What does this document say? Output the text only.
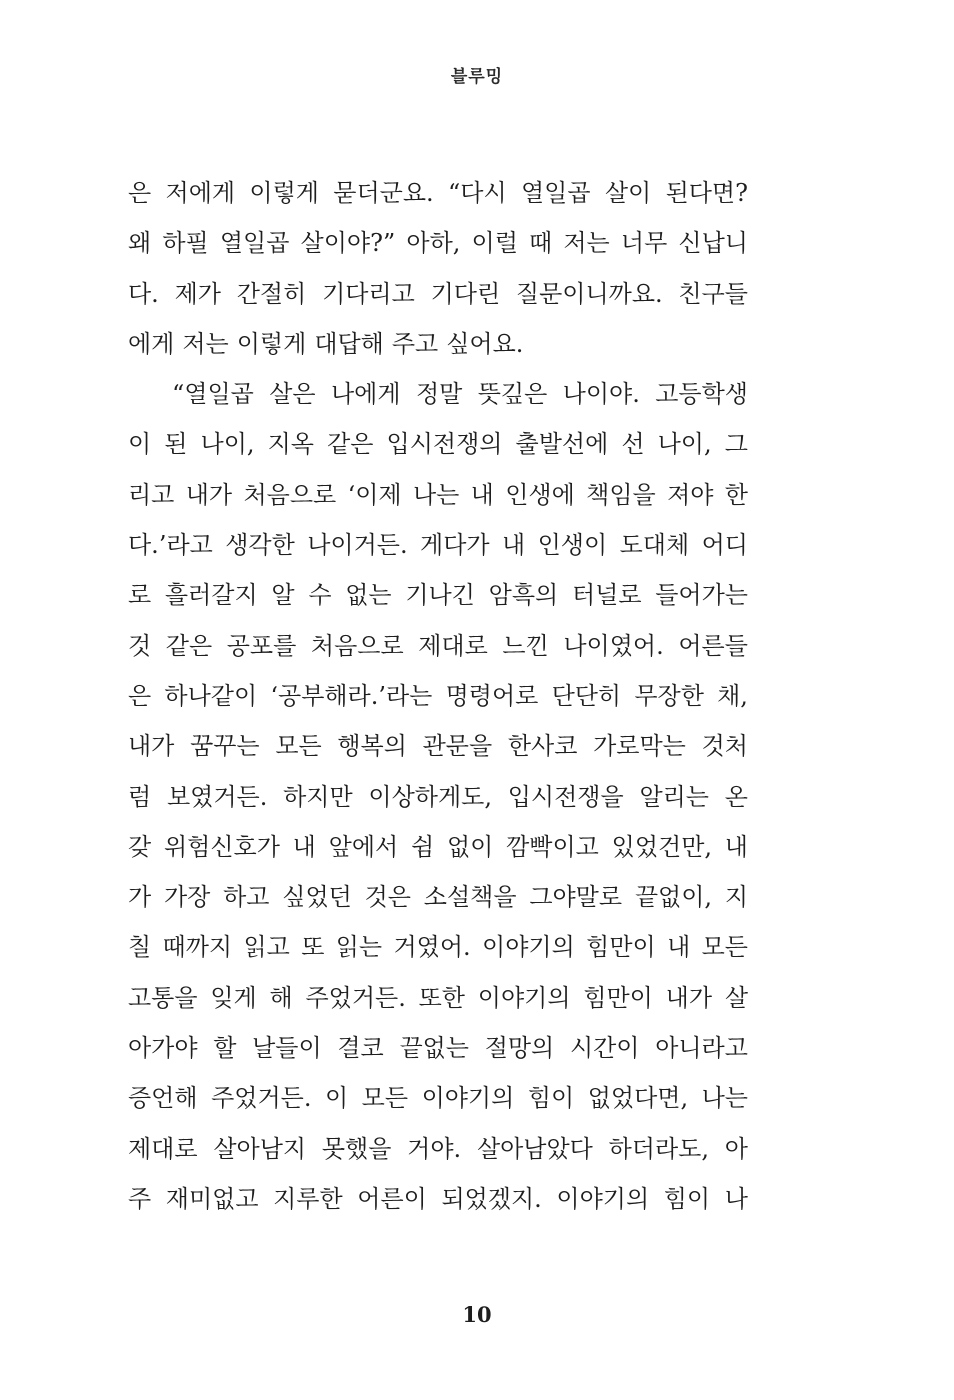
블루밍
은 저에게 이렇게 묻더군요. “다시 열일곱 살이 된다면?
왜 하필 열일곱 살이야?” 아하, 이럴 때 저는 너무 신납니
다. 제가 간절히 기다리고 기다린 질문이니까요. 친구들
에게 저는 이렇게 대답해 주고 싶어요.
“열일곱 살은 나에게 정말 뜻깊은 나이야. 고등학생
이 된 나이, 지옥 같은 입시전쟁의 출발선에 선 나이, 그
리고 내가 처음으로 ‘이제 나는 내 인생에 책임을 져야 한
다.’라고 생각한 나이거든. 게다가 내 인생이 도대체 어디
로 흘러갈지 알 수 없는 기나긴 암흑의 터널로 들어가는
것 같은 공포를 처음으로 제대로 느낀 나이였어. 어른들
은 하나같이 ‘공부해라.’라는 명령어로 단단히 무장한 채,
내가 꿈꾸는 모든 행복의 관문을 한사코 가로막는 것처
럼 보였거든. 하지만 이상하게도, 입시전쟁을 알리는 온
갖 위험신호가 내 앞에서 쉼 없이 깜빡이고 있었건만, 내
가 가장 하고 싶었던 것은 소설책을 그야말로 끝없이, 지
칠 때까지 읽고 또 읽는 거였어. 이야기의 힘만이 내 모든
고통을 잊게 해 주었거든. 또한 이야기의 힘만이 내가 살
아가야 할 날들이 결코 끝없는 절망의 시간이 아니라고
증언해 주었거든. 이 모든 이야기의 힘이 없었다면, 나는
제대로 살아남지 못했을 거야. 살아남았다 하더라도, 아
주 재미없고 지루한 어른이 되었겠지. 이야기의 힘이 나
10
